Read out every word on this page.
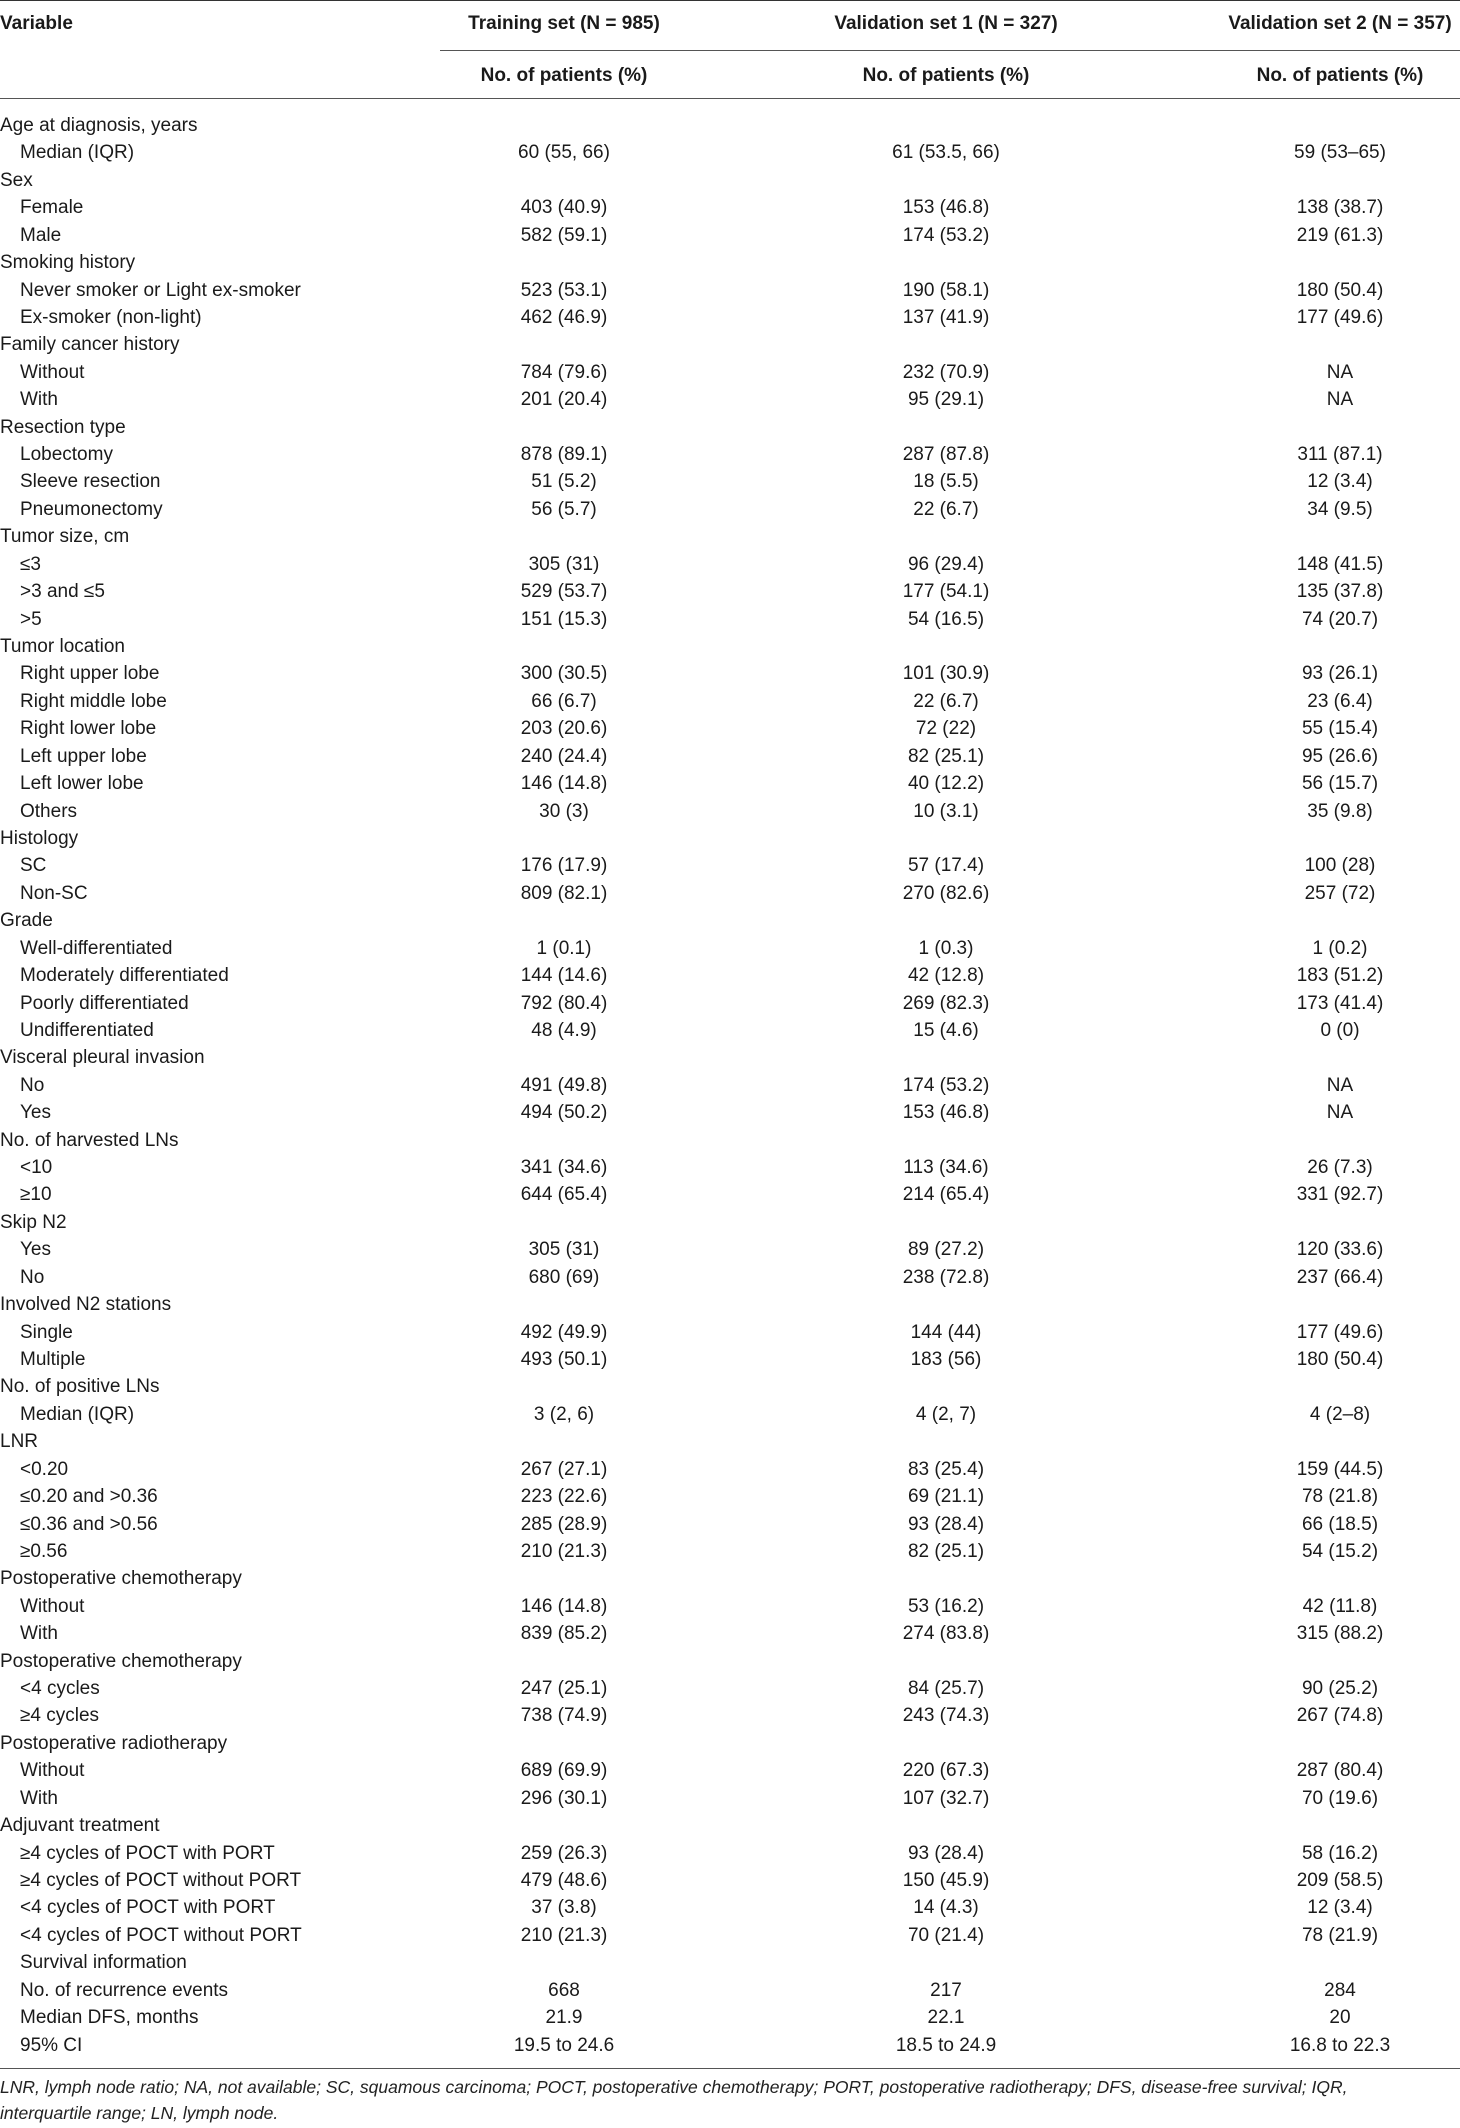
Variable	Training set (N = 985)	Validation set 1 (N = 327)	Validation set 2 (N = 357)
No. of patients (%)	No. of patients (%)	No. of patients (%)
Age at diagnosis, years
Median (IQR)	60 (55, 66)	61 (53.5, 66)	59 (53–65)
Sex
Female	403 (40.9)	153 (46.8)	138 (38.7)
Male	582 (59.1)	174 (53.2)	219 (61.3)
Smoking history
Never smoker or Light ex-smoker	523 (53.1)	190 (58.1)	180 (50.4)
Ex-smoker (non-light)	462 (46.9)	137 (41.9)	177 (49.6)
Family cancer history
Without	784 (79.6)	232 (70.9)	NA
With	201 (20.4)	95 (29.1)	NA
Resection type
Lobectomy	878 (89.1)	287 (87.8)	311 (87.1)
Sleeve resection	51 (5.2)	18 (5.5)	12 (3.4)
Pneumonectomy	56 (5.7)	22 (6.7)	34 (9.5)
Tumor size, cm
≤3	305 (31)	96 (29.4)	148 (41.5)
>3 and ≤5	529 (53.7)	177 (54.1)	135 (37.8)
>5	151 (15.3)	54 (16.5)	74 (20.7)
Tumor location
Right upper lobe	300 (30.5)	101 (30.9)	93 (26.1)
Right middle lobe	66 (6.7)	22 (6.7)	23 (6.4)
Right lower lobe	203 (20.6)	72 (22)	55 (15.4)
Left upper lobe	240 (24.4)	82 (25.1)	95 (26.6)
Left lower lobe	146 (14.8)	40 (12.2)	56 (15.7)
Others	30 (3)	10 (3.1)	35 (9.8)
Histology
SC	176 (17.9)	57 (17.4)	100 (28)
Non-SC	809 (82.1)	270 (82.6)	257 (72)
Grade
Well-differentiated	1 (0.1)	1 (0.3)	1 (0.2)
Moderately differentiated	144 (14.6)	42 (12.8)	183 (51.2)
Poorly differentiated	792 (80.4)	269 (82.3)	173 (41.4)
Undifferentiated	48 (4.9)	15 (4.6)	0 (0)
Visceral pleural invasion
No	491 (49.8)	174 (53.2)	NA
Yes	494 (50.2)	153 (46.8)	NA
No. of harvested LNs
<10	341 (34.6)	113 (34.6)	26 (7.3)
≥10	644 (65.4)	214 (65.4)	331 (92.7)
Skip N2
Yes	305 (31)	89 (27.2)	120 (33.6)
No	680 (69)	238 (72.8)	237 (66.4)
Involved N2 stations
Single	492 (49.9)	144 (44)	177 (49.6)
Multiple	493 (50.1)	183 (56)	180 (50.4)
No. of positive LNs
Median (IQR)	3 (2, 6)	4 (2, 7)	4 (2–8)
LNR
<0.20	267 (27.1)	83 (25.4)	159 (44.5)
≤0.20 and >0.36	223 (22.6)	69 (21.1)	78 (21.8)
≤0.36 and >0.56	285 (28.9)	93 (28.4)	66 (18.5)
≥0.56	210 (21.3)	82 (25.1)	54 (15.2)
Postoperative chemotherapy
Without	146 (14.8)	53 (16.2)	42 (11.8)
With	839 (85.2)	274 (83.8)	315 (88.2)
Postoperative chemotherapy
<4 cycles	247 (25.1)	84 (25.7)	90 (25.2)
≥4 cycles	738 (74.9)	243 (74.3)	267 (74.8)
Postoperative radiotherapy
Without	689 (69.9)	220 (67.3)	287 (80.4)
With	296 (30.1)	107 (32.7)	70 (19.6)
Adjuvant treatment
≥4 cycles of POCT with PORT	259 (26.3)	93 (28.4)	58 (16.2)
≥4 cycles of POCT without PORT	479 (48.6)	150 (45.9)	209 (58.5)
<4 cycles of POCT with PORT	37 (3.8)	14 (4.3)	12 (3.4)
<4 cycles of POCT without PORT	210 (21.3)	70 (21.4)	78 (21.9)
Survival information
No. of recurrence events	668	217	284
Median DFS, months	21.9	22.1	20
95% CI	19.5 to 24.6	18.5 to 24.9	16.8 to 22.3
LNR, lymph node ratio; NA, not available; SC, squamous carcinoma; POCT, postoperative chemotherapy; PORT, postoperative radiotherapy; DFS, disease-free survival; IQR, interquartile range; LN, lymph node.
